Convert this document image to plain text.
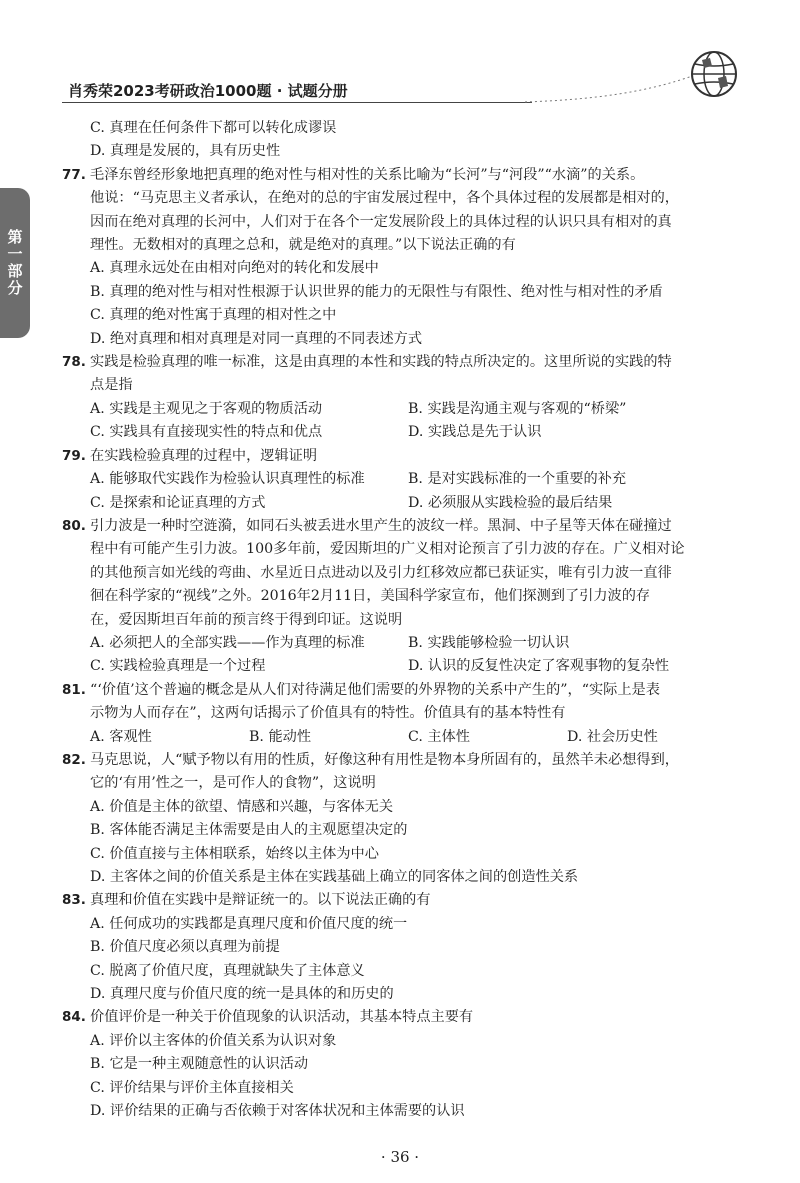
肖秀荣2023考研政治1000题 · 试题分册
第一部分
C. 真理在任何条件下都可以转化成谬误
D. 真理是发展的，具有历史性
77. 毛泽东曾经形象地把真理的绝对性与相对性的关系比喻为“长河”与“河段”“水滴”的关系。
他说：“马克思主义者承认，在绝对的总的宇宙发展过程中，各个具体过程的发展都是相对的，
因而在绝对真理的长河中，人们对于在各个一定发展阶段上的具体过程的认识只具有相对的真
理性。无数相对的真理之总和，就是绝对的真理。”以下说法正确的有
A. 真理永远处在由相对向绝对的转化和发展中
B. 真理的绝对性与相对性根源于认识世界的能力的无限性与有限性、绝对性与相对性的矛盾
C. 真理的绝对性寓于真理的相对性之中
D. 绝对真理和相对真理是对同一真理的不同表述方式
78. 实践是检验真理的唯一标准，这是由真理的本性和实践的特点所决定的。这里所说的实践的特
点是指
A. 实践是主观见之于客观的物质活动	B. 实践是沟通主观与客观的“桥梁”
C. 实践具有直接现实性的特点和优点	D. 实践总是先于认识
79. 在实践检验真理的过程中，逻辑证明
A. 能够取代实践作为检验认识真理性的标准	B. 是对实践标准的一个重要的补充
C. 是探索和论证真理的方式	D. 必须服从实践检验的最后结果
80. 引力波是一种时空涟漪，如同石头被丢进水里产生的波纹一样。黑洞、中子星等天体在碰撞过
程中有可能产生引力波。100多年前，爱因斯坦的广义相对论预言了引力波的存在。广义相对论
的其他预言如光线的弯曲、水星近日点进动以及引力红移效应都已获证实，唯有引力波一直徘
徊在科学家的“视线”之外。2016年2月11日，美国科学家宣布，他们探测到了引力波的存
在，爱因斯坦百年前的预言终于得到印证。这说明
A. 必须把人的全部实践——作为真理的标准	B. 实践能够检验一切认识
C. 实践检验真理是一个过程	D. 认识的反复性决定了客观事物的复杂性
81. “‘价值’这个普遍的概念是从人们对待满足他们需要的外界物的关系中产生的”，“实际上是表
示物为人而存在”，这两句话揭示了价值具有的特性。价值具有的基本特性有
A. 客观性	B. 能动性	C. 主体性	D. 社会历史性
82. 马克思说，人“赋予物以有用的性质，好像这种有用性是物本身所固有的，虽然羊未必想得到，
它的‘有用’性之一，是可作人的食物”，这说明
A. 价值是主体的欲望、情感和兴趣，与客体无关
B. 客体能否满足主体需要是由人的主观愿望决定的
C. 价值直接与主体相联系，始终以主体为中心
D. 主客体之间的价值关系是主体在实践基础上确立的同客体之间的创造性关系
83. 真理和价值在实践中是辩证统一的。以下说法正确的有
A. 任何成功的实践都是真理尺度和价值尺度的统一
B. 价值尺度必须以真理为前提
C. 脱离了价值尺度，真理就缺失了主体意义
D. 真理尺度与价值尺度的统一是具体的和历史的
84. 价值评价是一种关于价值现象的认识活动，其基本特点主要有
A. 评价以主客体的价值关系为认识对象
B. 它是一种主观随意性的认识活动
C. 评价结果与评价主体直接相关
D. 评价结果的正确与否依赖于对客体状况和主体需要的认识
· 36 ·
